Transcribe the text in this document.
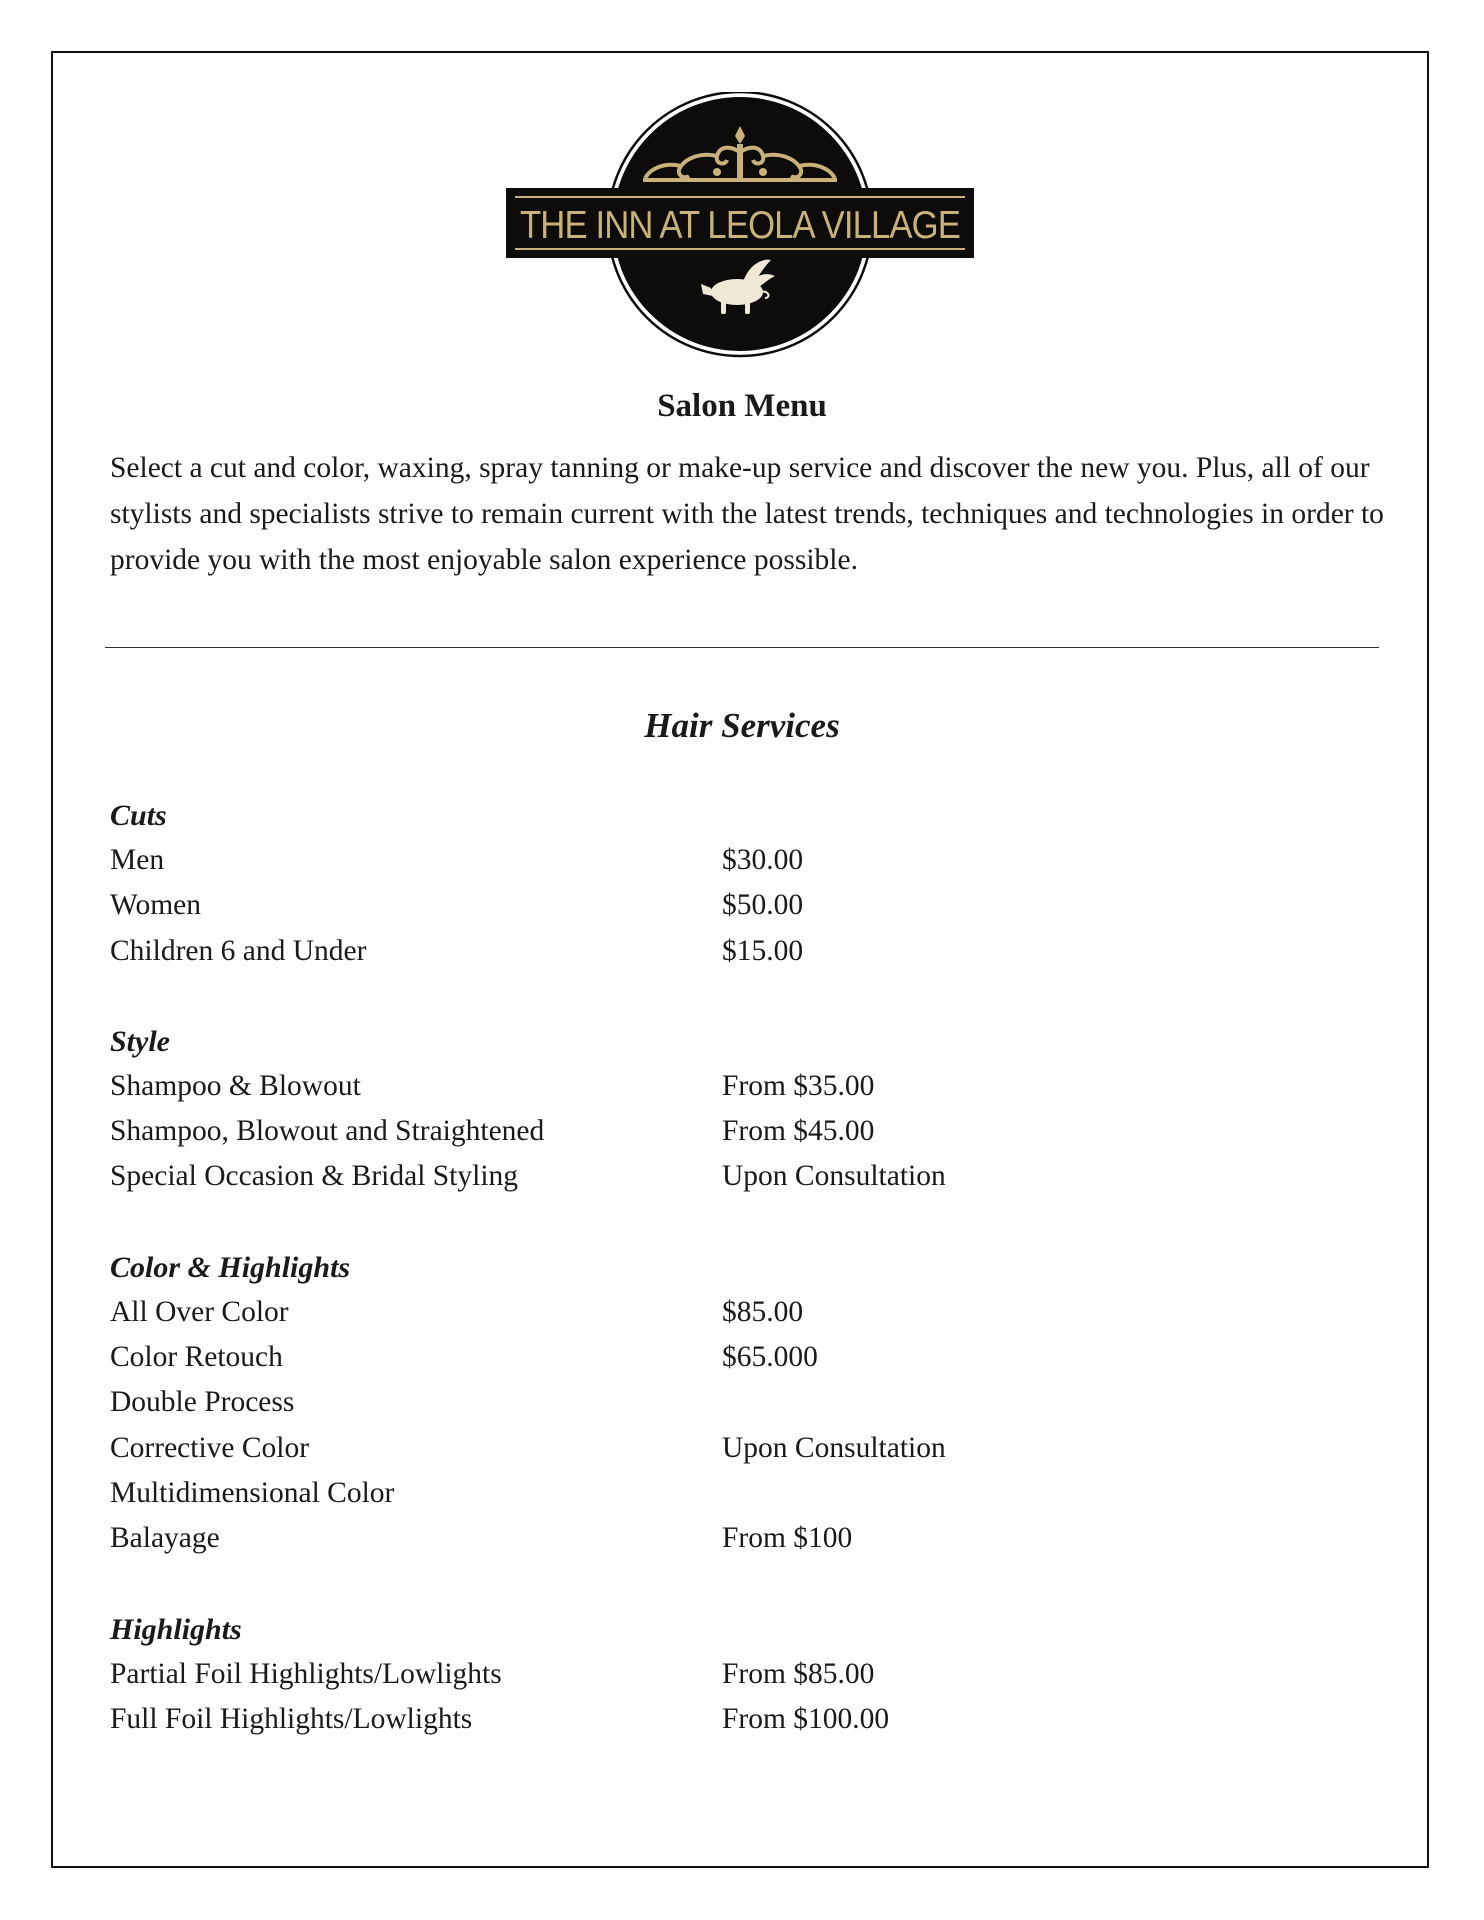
THE INN AT LEOLA VILLAGE
Salon Menu

Select a cut and color, waxing, spray tanning or make-up service and discover the new you. Plus, all of our stylists and specialists strive to remain current with the latest trends, techniques and technologies in order to provide you with the most enjoyable salon experience possible.

Hair Services
Cuts
Men	$30.00
Women	$50.00
Children 6 and Under	$15.00
Style
Shampoo & Blowout	From $35.00
Shampoo, Blowout and Straightened	From $45.00
Special Occasion & Bridal Styling	Upon Consultation
Color & Highlights
All Over Color	$85.00
Color Retouch	$65.000
Double Process
Corrective Color	Upon Consultation
Multidimensional Color
Balayage	From $100
Highlights
Partial Foil Highlights/Lowlights	From $85.00
Full Foil Highlights/Lowlights	From $100.00
